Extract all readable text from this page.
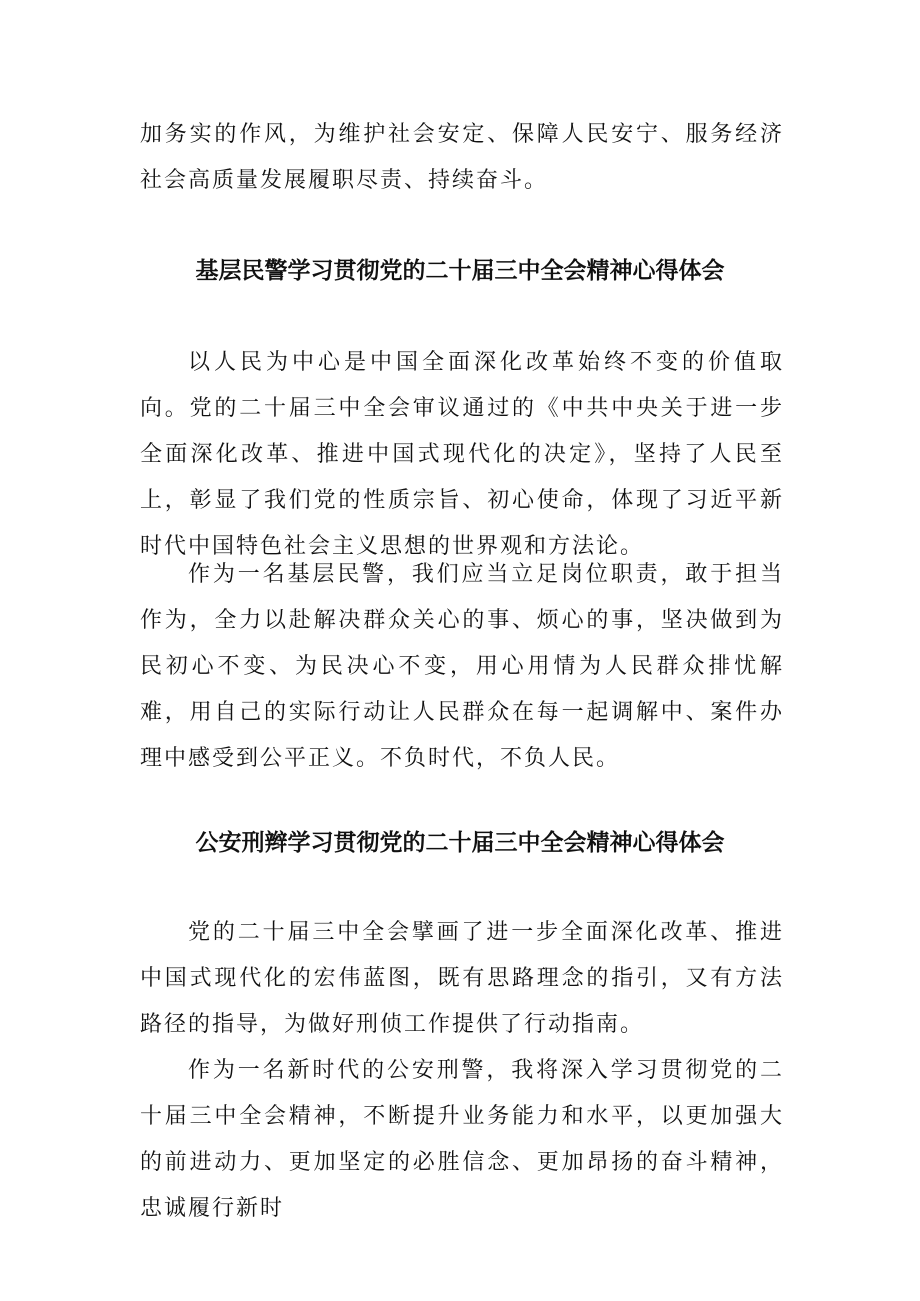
加务实的作风，为维护社会安定、保障人民安宁、服务经济社会高质量发展履职尽责、持续奋斗。

基层民警学习贯彻党的二十届三中全会精神心得体会

以人民为中心是中国全面深化改革始终不变的价值取向。党的二十届三中全会审议通过的《中共中央关于进一步全面深化改革、推进中国式现代化的决定》，坚持了人民至上，彰显了我们党的性质宗旨、初心使命，体现了习近平新时代中国特色社会主义思想的世界观和方法论。

作为一名基层民警，我们应当立足岗位职责，敢于担当作为，全力以赴解决群众关心的事、烦心的事，坚决做到为民初心不变、为民决心不变，用心用情为人民群众排忧解难，用自己的实际行动让人民群众在每一起调解中、案件办理中感受到公平正义。不负时代，不负人民。

公安刑辫学习贯彻党的二十届三中全会精神心得体会

党的二十届三中全会擘画了进一步全面深化改革、推进中国式现代化的宏伟蓝图，既有思路理念的指引，又有方法路径的指导，为做好刑侦工作提供了行动指南。

作为一名新时代的公安刑警，我将深入学习贯彻党的二十届三中全会精神，不断提升业务能力和水平，以更加强大的前进动力、更加坚定的必胜信念、更加昂扬的奋斗精神，忠诚履行新时
